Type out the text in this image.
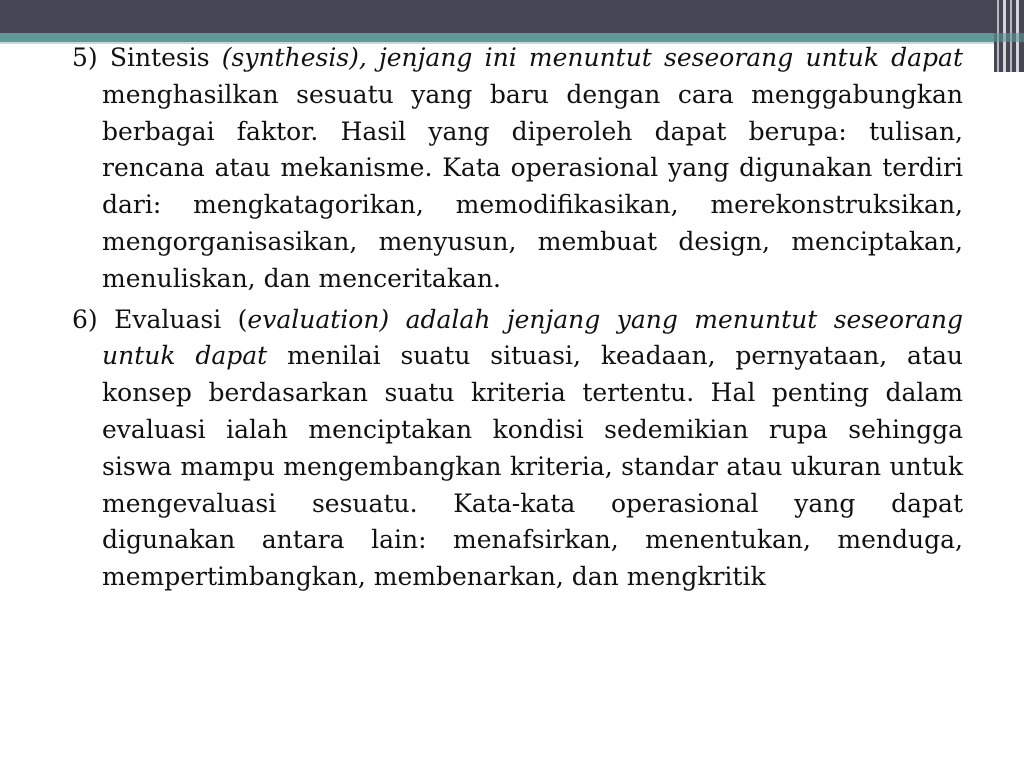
5) Sintesis (synthesis), jenjang ini menuntut seseorang untuk dapat menghasilkan sesuatu yang baru dengan cara menggabungkan berbagai faktor. Hasil yang diperoleh dapat berupa: tulisan, rencana atau mekanisme. Kata operasional yang digunakan terdiri dari: mengkatagorikan, memodifikasikan, merekonstruksikan, mengorganisasikan, menyusun, membuat design, menciptakan, menuliskan, dan menceritakan.

6) Evaluasi (evaluation) adalah jenjang yang menuntut seseorang untuk dapat menilai suatu situasi, keadaan, pernyataan, atau konsep berdasarkan suatu kriteria tertentu. Hal penting dalam evaluasi ialah menciptakan kondisi sedemikian rupa sehingga siswa mampu mengembangkan kriteria, standar atau ukuran untuk mengevaluasi sesuatu. Kata-kata operasional yang dapat digunakan antara lain: menafsirkan, menentukan, menduga, mempertimbangkan, membenarkan, dan mengkritik
